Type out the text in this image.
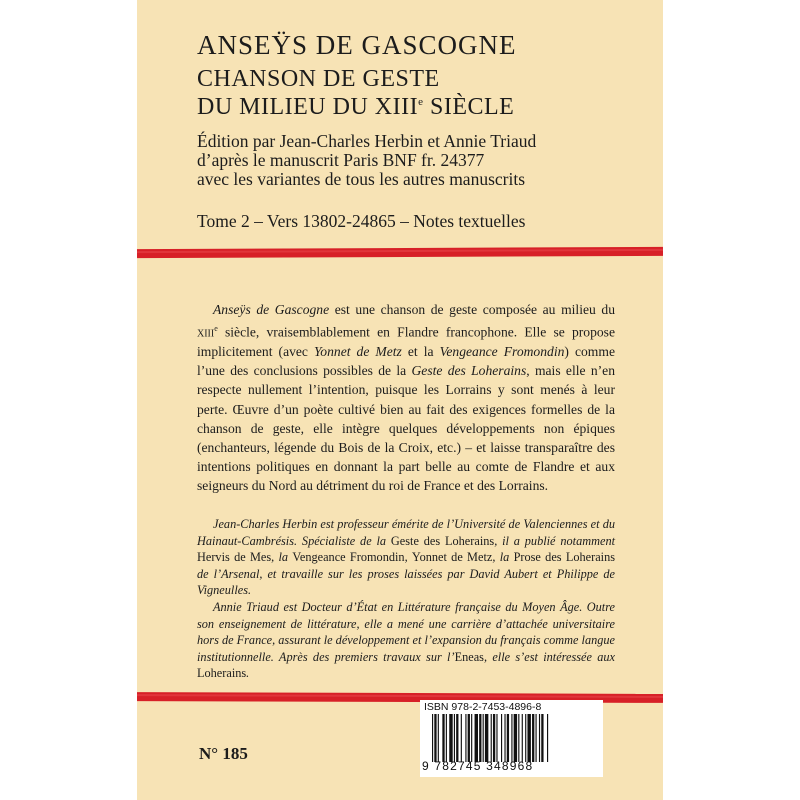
ANSEŸS DE GASCOGNE
CHANSON DE GESTE
DU MILIEU DU XIIIe SIÈCLE
Édition par Jean-Charles Herbin et Annie Triaud
d’après le manuscrit Paris BNF fr. 24377
avec les variantes de tous les autres manuscrits
Tome 2 – Vers 13802-24865 – Notes textuelles

Anseÿs de Gascogne est une chanson de geste composée au milieu du xiii$^e$ siècle, vraisemblablement en Flandre francophone. Elle se propose implicitement (avec Yonnet de Metz et la Vengeance Fromondin) comme l’une des conclusions possibles de la Geste des Loherains, mais elle n’en respecte nullement l’intention, puisque les Lorrains y sont menés à leur perte. Œuvre d’un poète cultivé bien au fait des exigences formelles de la chanson de geste, elle intègre quelques développements non épiques (enchanteurs, légende du Bois de la Croix, etc.) – et laisse transparaître des intentions politiques en donnant la part belle au comte de Flandre et aux seigneurs du Nord au détriment du roi de France et des Lorrains.

Jean-Charles Herbin est professeur émérite de l’Université de Valenciennes et du Hainaut-Cambrésis. Spécialiste de la Geste des Loherains, il a publié notamment Hervis de Mes, la Vengeance Fromondin, Yonnet de Metz, la Prose des Loherains de l’Arsenal, et travaille sur les proses laissées par David Aubert et Philippe de Vigneulles.

Annie Triaud est Docteur d’État en Littérature française du Moyen Âge. Outre son enseignement de littérature, elle a mené une carrière d’attachée universitaire hors de France, assurant le développement et l’expansion du français comme langue institutionnelle. Après des premiers travaux sur l’Eneas, elle s’est intéressée aux Loherains.

N° 185
ISBN 978-2-7453-4896-8
9 782745 348968
